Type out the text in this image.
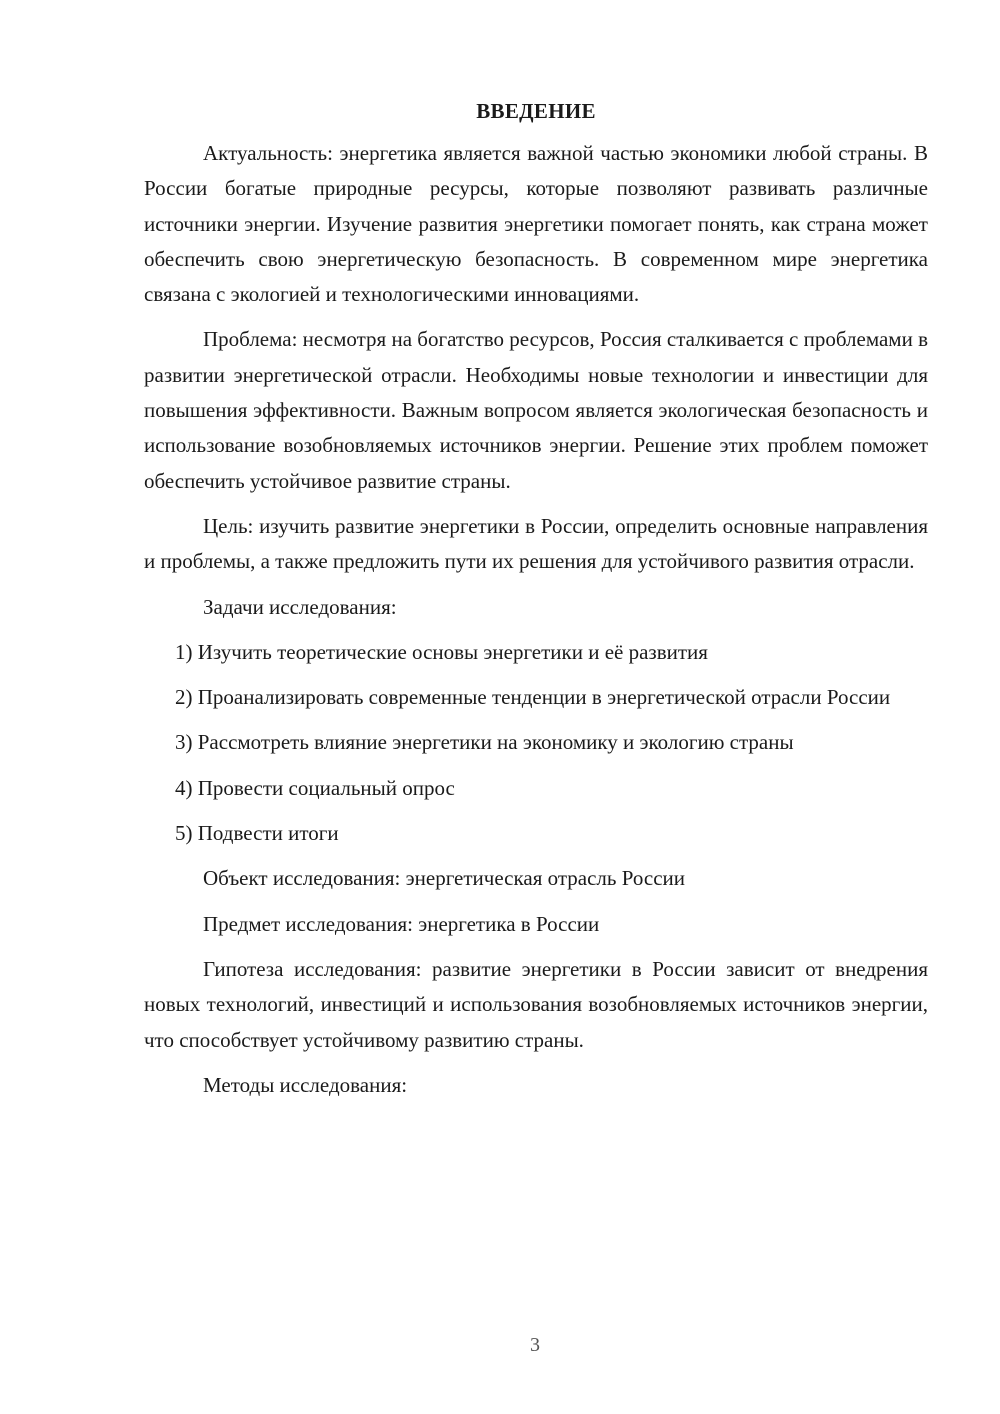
ВВЕДЕНИЕ

Актуальность: энергетика является важной частью экономики любой страны. В России богатые природные ресурсы, которые позволяют развивать различные источники энергии. Изучение развития энергетики помогает понять, как страна может обеспечить свою энергетическую безопасность. В современном мире энергетика связана с экологией и технологическими инновациями.

Проблема: несмотря на богатство ресурсов, Россия сталкивается с проблемами в развитии энергетической отрасли. Необходимы новые технологии и инвестиции для повышения эффективности. Важным вопросом является экологическая безопасность и использование возобновляемых источников энергии. Решение этих проблем поможет обеспечить устойчивое развитие страны.

Цель: изучить развитие энергетики в России, определить основные направления и проблемы, а также предложить пути их решения для устойчивого развития отрасли.

Задачи исследования:

1) Изучить теоретические основы энергетики и её развития

2) Проанализировать современные тенденции в энергетической отрасли России

3) Рассмотреть влияние энергетики на экономику и экологию страны

4) Провести социальный опрос

5) Подвести итоги

Объект исследования: энергетическая отрасль России

Предмет исследования: энергетика в России

Гипотеза исследования: развитие энергетики в России зависит от внедрения новых технологий, инвестиций и использования возобновляемых источников энергии, что способствует устойчивому развитию страны.

Методы исследования:

3
